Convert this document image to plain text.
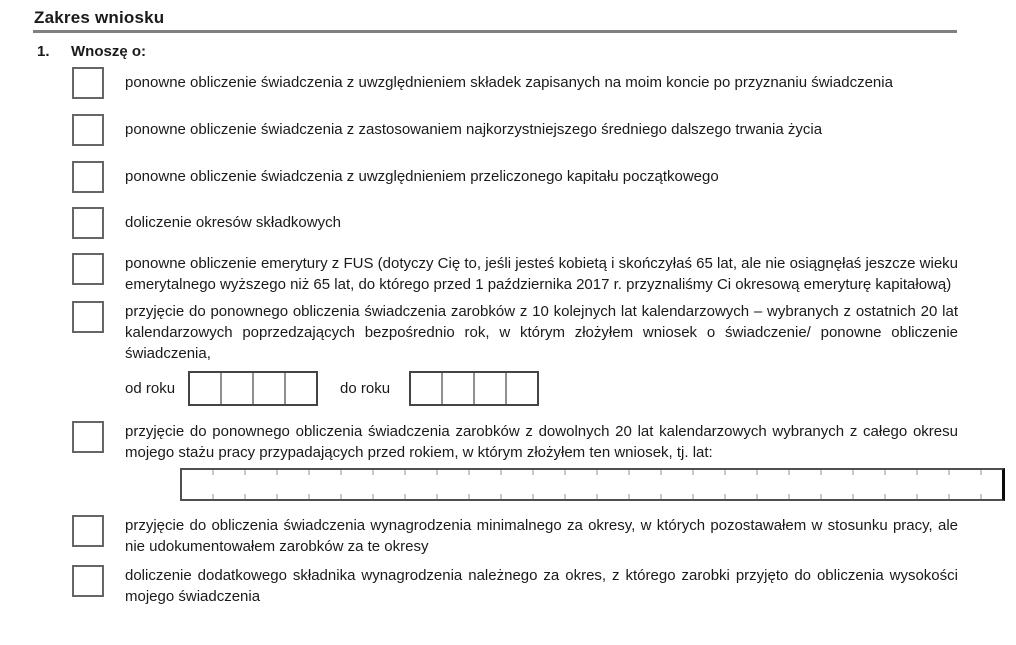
Zakres wniosku
1.	Wnoszę o:
ponowne obliczenie świadczenia z uwzględnieniem składek zapisanych na moim koncie po przyznaniu świadczenia
ponowne obliczenie świadczenia z zastosowaniem najkorzystniejszego średniego dalszego trwania życia
ponowne obliczenie świadczenia z uwzględnieniem przeliczonego kapitału początkowego
doliczenie okresów składkowych
ponowne obliczenie emerytury z FUS (dotyczy Cię to, jeśli jesteś kobietą i skończyłaś 65 lat, ale nie osiągnęłaś jeszcze wieku emerytalnego wyższego niż 65 lat, do którego przed 1 października 2017 r. przyznaliśmy Ci okresową emeryturę kapitałową)
przyjęcie do ponownego obliczenia świadczenia zarobków z 10 kolejnych lat kalendarzowych – wybranych z ostatnich 20 lat kalendarzowych poprzedzających bezpośrednio rok, w którym złożyłem wniosek o świadczenie/ ponowne obliczenie świadczenia,
od roku	do roku
przyjęcie do ponownego obliczenia świadczenia zarobków z dowolnych 20 lat kalendarzowych wybranych z całego okresu mojego stażu pracy przypadających przed rokiem, w którym złożyłem ten wniosek, tj. lat:
przyjęcie do obliczenia świadczenia wynagrodzenia minimalnego za okresy, w których pozostawałem w stosunku pracy, ale nie udokumentowałem zarobków za te okresy
doliczenie dodatkowego składnika wynagrodzenia należnego za okres, z którego zarobki przyjęto do obliczenia wysokości mojego świadczenia
